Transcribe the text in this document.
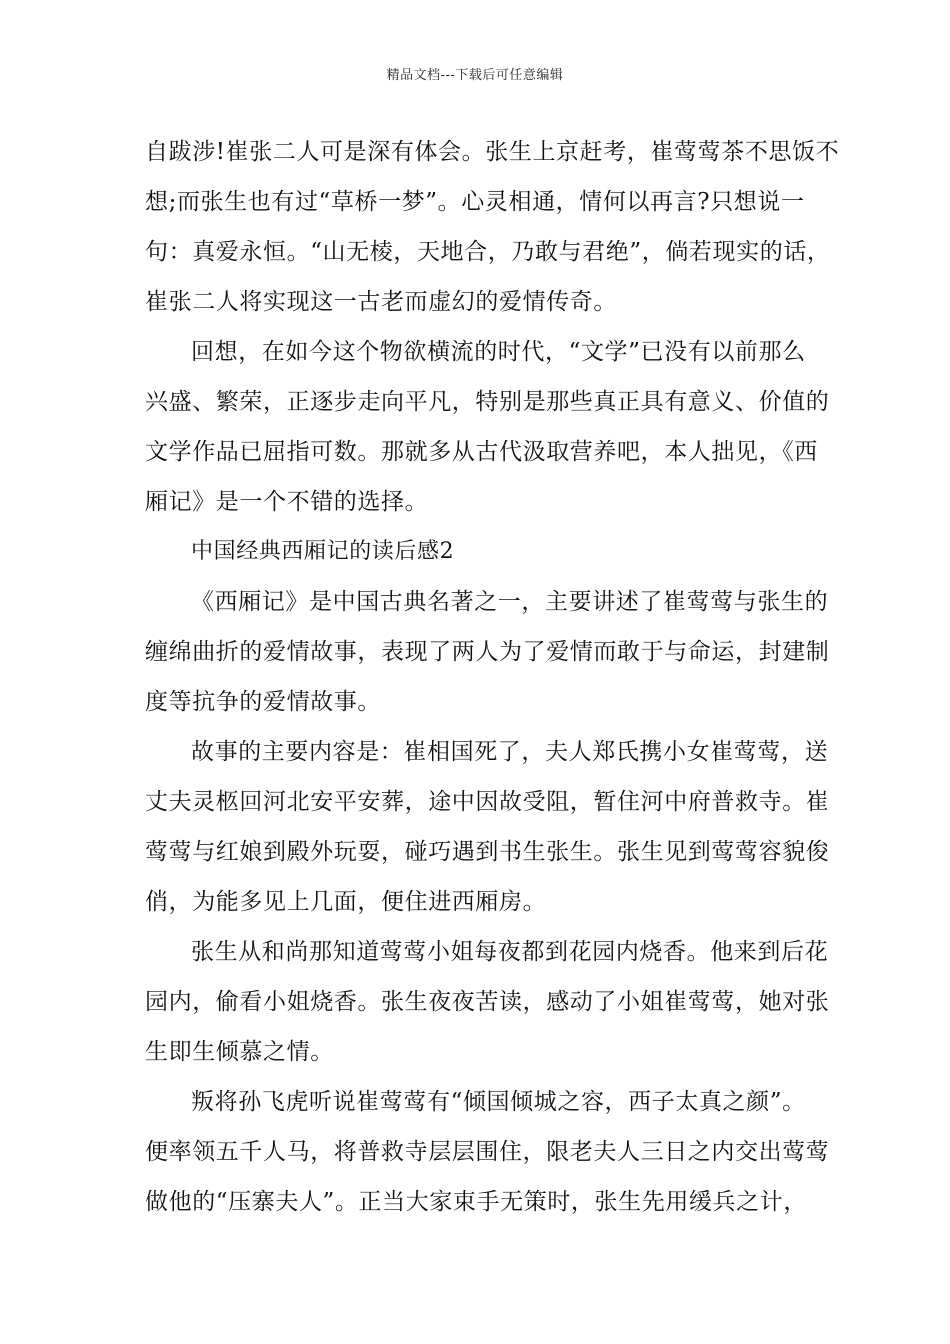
精品文档---下载后可任意编辑
自跋涉!崔张二人可是深有体会。张生上京赶考，崔莺莺茶不思饭不
想;而张生也有过“草桥一梦”。心灵相通，情何以再言?只想说一
句：真爱永恒。“山无棱，天地合，乃敢与君绝”，倘若现实的话，
崔张二人将实现这一古老而虚幻的爱情传奇。
回想，在如今这个物欲横流的时代，“文学”已没有以前那么
兴盛、繁荣，正逐步走向平凡，特别是那些真正具有意义、价值的
文学作品已屈指可数。那就多从古代汲取营养吧，本人拙见，《西
厢记》是一个不错的选择。
中国经典西厢记的读后感2
《西厢记》是中国古典名著之一，主要讲述了崔莺莺与张生的
缠绵曲折的爱情故事，表现了两人为了爱情而敢于与命运，封建制
度等抗争的爱情故事。
故事的主要内容是：崔相国死了，夫人郑氏携小女崔莺莺，送
丈夫灵柩回河北安平安葬，途中因故受阻，暂住河中府普救寺。崔
莺莺与红娘到殿外玩耍，碰巧遇到书生张生。张生见到莺莺容貌俊
俏，为能多见上几面，便住进西厢房。
张生从和尚那知道莺莺小姐每夜都到花园内烧香。他来到后花
园内，偷看小姐烧香。张生夜夜苦读，感动了小姐崔莺莺，她对张
生即生倾慕之情。
叛将孙飞虎听说崔莺莺有“倾国倾城之容，西子太真之颜”。
便率领五千人马，将普救寺层层围住，限老夫人三日之内交出莺莺
做他的“压寨夫人”。正当大家束手无策时，张生先用缓兵之计，
